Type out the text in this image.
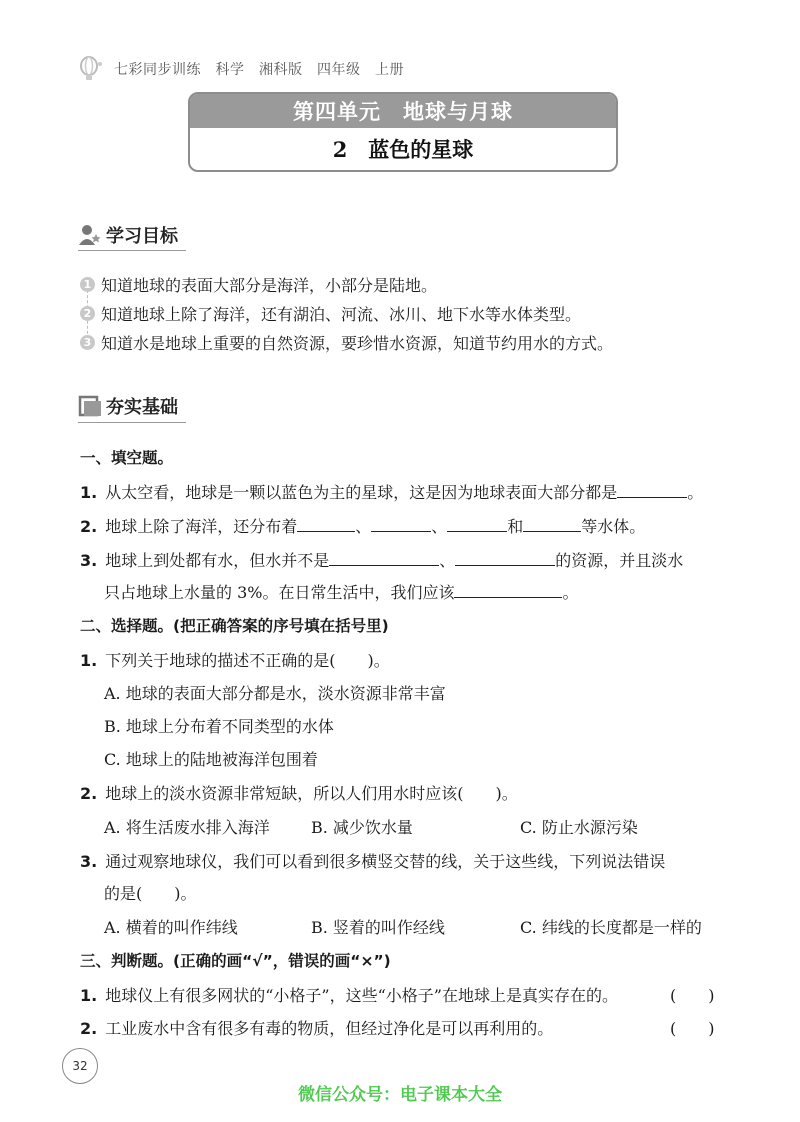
七彩同步训练　科学　湘科版　四年级　上册
第四单元　地球与月球
2　蓝色的星球
学习目标
1 知道地球的表面大部分是海洋，小部分是陆地。
2 知道地球上除了海洋，还有湖泊、河流、冰川、地下水等水体类型。
3 知道水是地球上重要的自然资源，要珍惜水资源，知道节约用水的方式。
夯实基础
一、填空题。
1. 从太空看，地球是一颗以蓝色为主的星球，这是因为地球表面大部分都是	。
2. 地球上除了海洋，还分布着	、	、	和	等水体。
3. 地球上到处都有水，但水并不是	、	的资源，并且淡水
只占地球上水量的 3%。在日常生活中，我们应该	。
二、选择题。(把正确答案的序号填在括号里)
1. 下列关于地球的描述不正确的是(　　)。
A. 地球的表面大部分都是水，淡水资源非常丰富
B. 地球上分布着不同类型的水体
C. 地球上的陆地被海洋包围着
2. 地球上的淡水资源非常短缺，所以人们用水时应该(　　)。
A. 将生活废水排入海洋	B. 减少饮水量	C. 防止水源污染
3. 通过观察地球仪，我们可以看到很多横竖交替的线，关于这些线，下列说法错误
的是(　　)。
A. 横着的叫作纬线	B. 竖着的叫作经线	C. 纬线的长度都是一样的
三、判断题。(正确的画“√”，错误的画“×”)
1. 地球仪上有很多网状的“小格子”，这些“小格子”在地球上是真实存在的。	(　　)
2. 工业废水中含有很多有毒的物质，但经过净化是可以再利用的。	(　　)
32
微信公众号：电子课本大全
